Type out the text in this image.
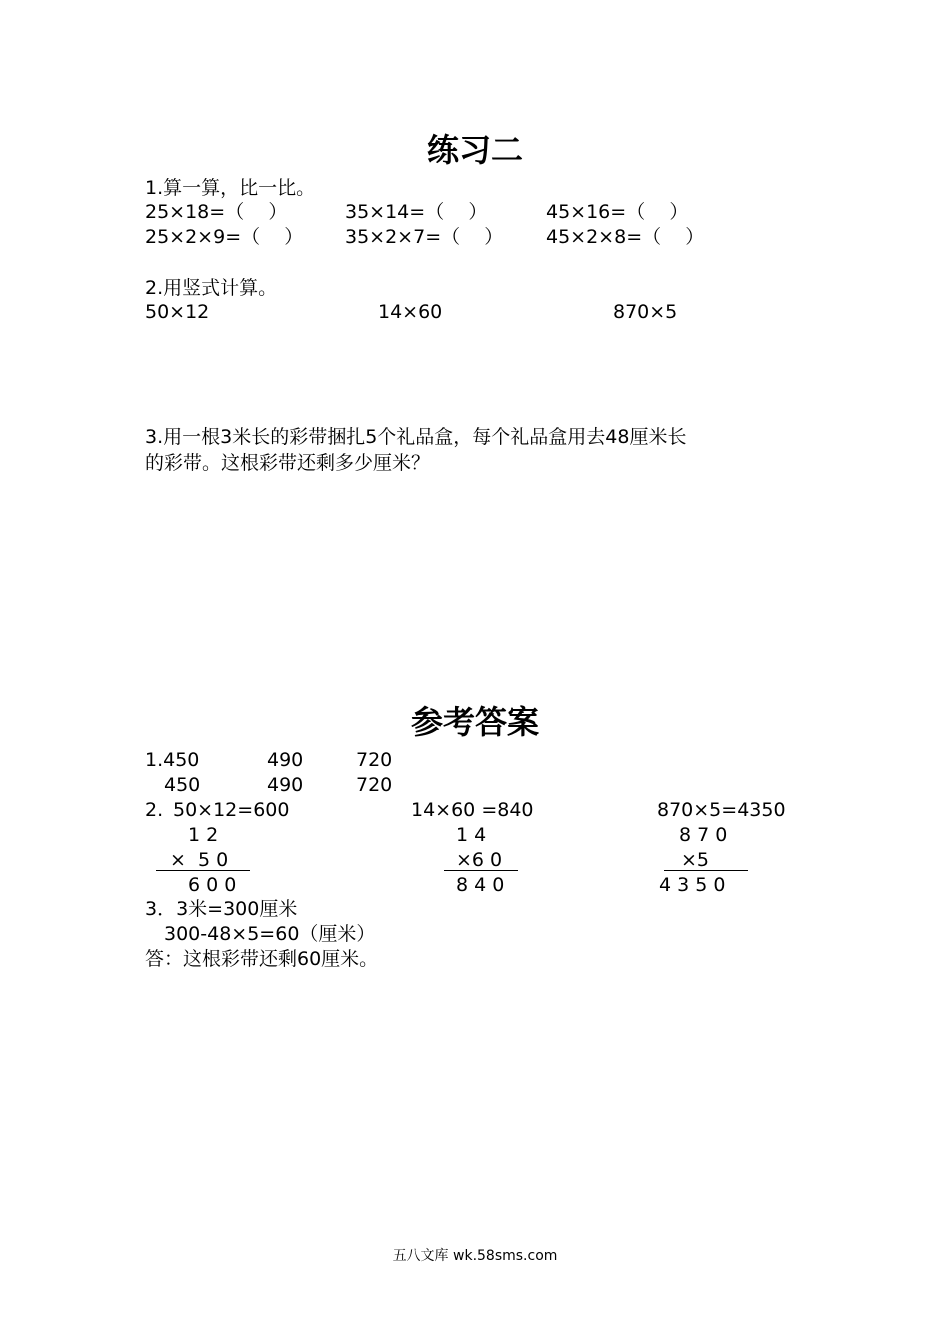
练习二
1.算一算，比一比。
25×18=（    ）	35×14=（    ）	45×16=（    ）
25×2×9=（    ） 35×2×7=（    ） 45×2×8=（    ）
2.用竖式计算。
50×12	14×60	870×5
3.用一根3米长的彩带捆扎5个礼品盒，每个礼品盒用去48厘米长
的彩带。这根彩带还剩多少厘米？
参考答案
1.450	490	720
450	490	720
2. 50×12=600	14×60 =840	870×5=4350
1 2
×  5 0
6 0 0
1 4
×6 0
8 4 0
8 7 0
×5
4 3 5 0
3．3米=300厘米
300-48×5=60（厘米）
答：这根彩带还剩60厘米。
五八文库 wk.58sms.com
